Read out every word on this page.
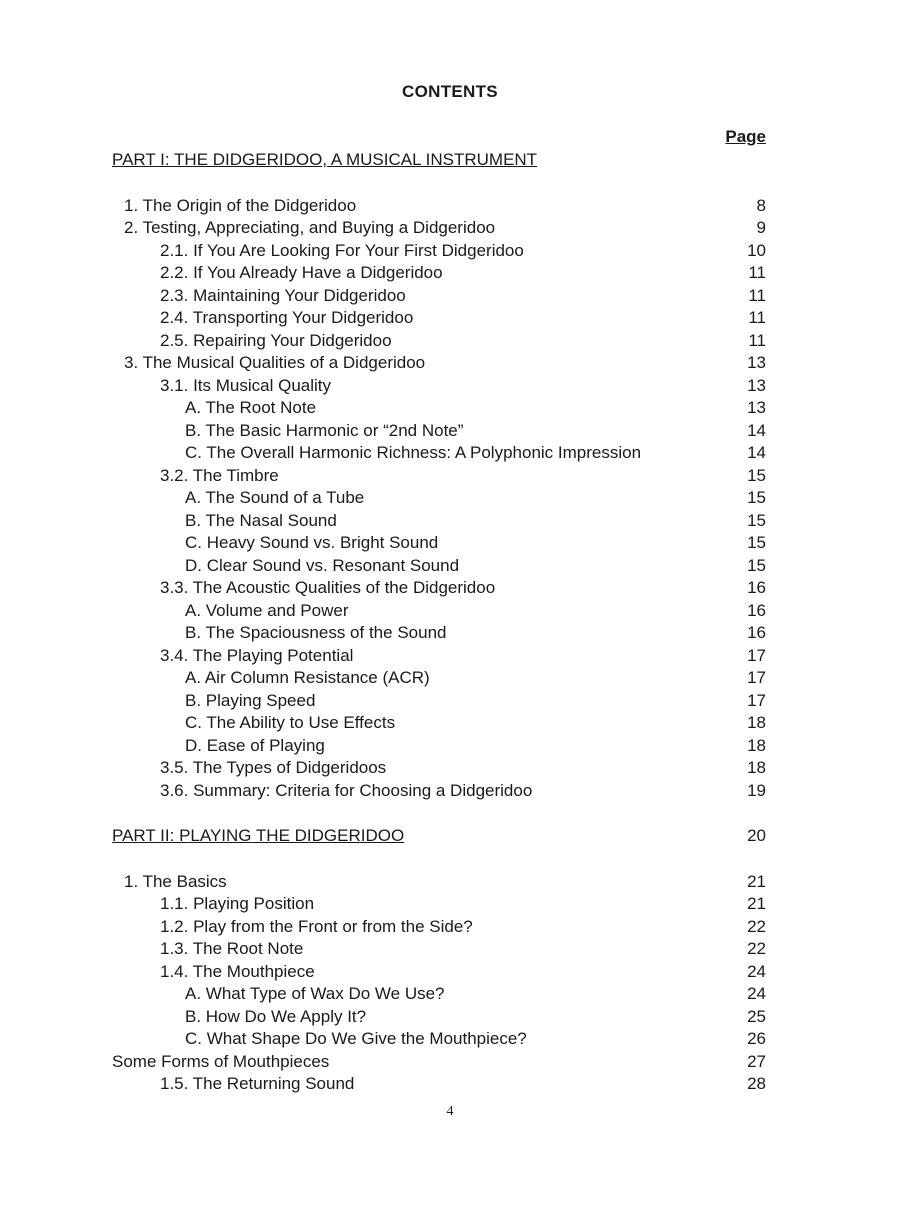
CONTENTS
Page
PART I: THE DIDGERIDOO, A MUSICAL INSTRUMENT
1. The Origin of the Didgeridoo	8
2. Testing, Appreciating, and Buying a Didgeridoo	9
2.1. If You Are Looking For Your First Didgeridoo	10
2.2. If You Already Have a Didgeridoo	11
2.3. Maintaining Your Didgeridoo	11
2.4. Transporting Your Didgeridoo	11
2.5. Repairing Your Didgeridoo	11
3. The Musical Qualities of a Didgeridoo	13
3.1. Its Musical Quality	13
A. The Root Note	13
B. The Basic Harmonic or “2nd Note”	14
C. The Overall Harmonic Richness: A Polyphonic Impression	14
3.2. The Timbre	15
A. The Sound of a Tube	15
B. The Nasal Sound	15
C. Heavy Sound vs. Bright Sound	15
D. Clear Sound vs. Resonant Sound	15
3.3. The Acoustic Qualities of the Didgeridoo	16
A. Volume and Power	16
B. The Spaciousness of the Sound	16
3.4. The Playing Potential	17
A. Air Column Resistance (ACR)	17
B. Playing Speed	17
C. The Ability to Use Effects	18
D. Ease of Playing	18
3.5. The Types of Didgeridoos	18
3.6. Summary: Criteria for Choosing a Didgeridoo	19
PART II: PLAYING THE DIDGERIDOO	20
1. The Basics	21
1.1. Playing Position	21
1.2. Play from the Front or from the Side?	22
1.3. The Root Note	22
1.4. The Mouthpiece	24
A. What Type of Wax Do We Use?	24
B. How Do We Apply It?	25
C. What Shape Do We Give the Mouthpiece?	26
Some Forms of Mouthpieces	27
1.5. The Returning Sound	28
4
